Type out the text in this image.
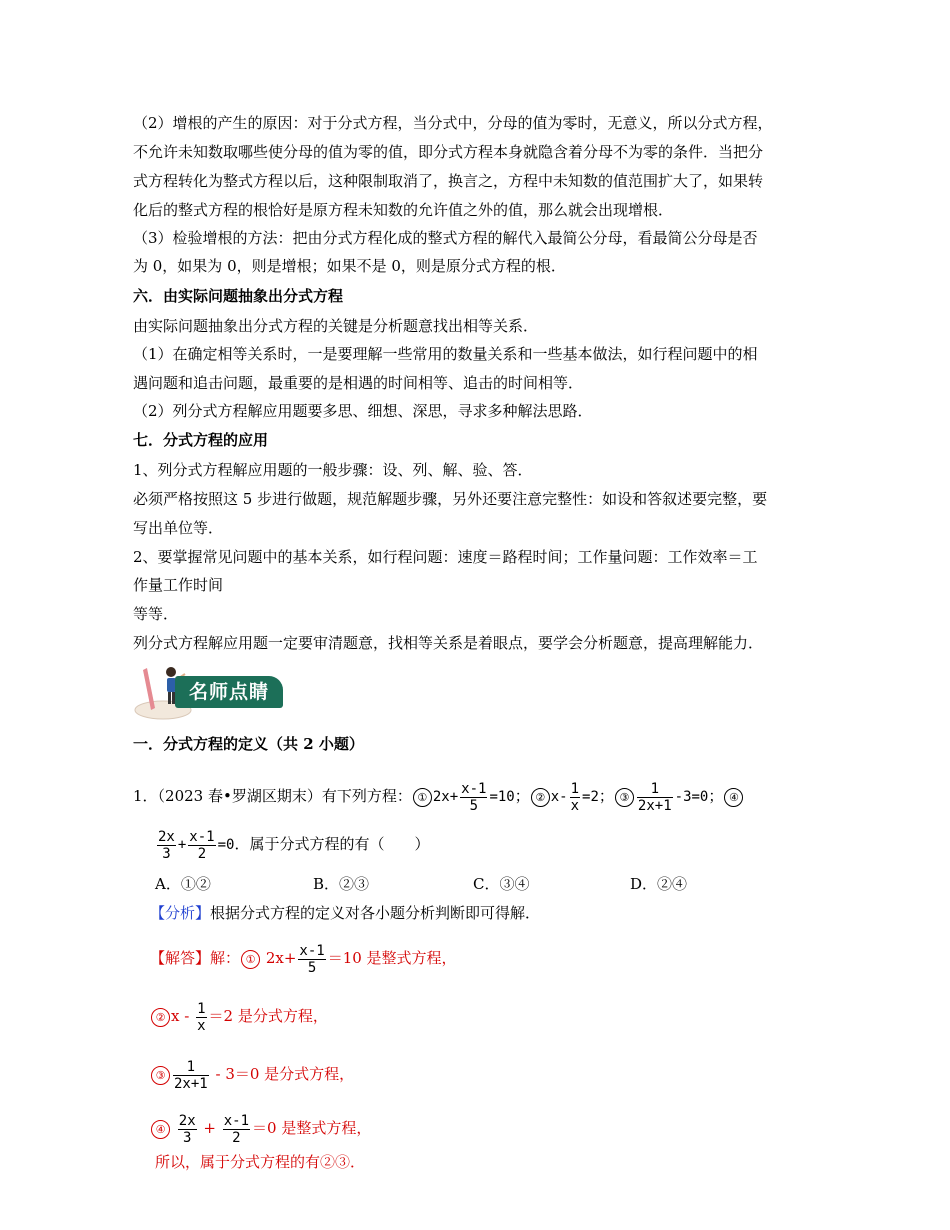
（2）增根的产生的原因：对于分式方程，当分式中，分母的值为零时，无意义，所以分式方程，
不允许未知数取哪些使分母的值为零的值，即分式方程本身就隐含着分母不为零的条件．当把分
式方程转化为整式方程以后，这种限制取消了，换言之，方程中未知数的值范围扩大了，如果转
化后的整式方程的根恰好是原方程未知数的允许值之外的值，那么就会出现增根．
（3）检验增根的方法：把由分式方程化成的整式方程的解代入最简公分母，看最简公分母是否
为 0，如果为 0，则是增根；如果不是 0，则是原分式方程的根．
六．由实际问题抽象出分式方程
由实际问题抽象出分式方程的关键是分析题意找出相等关系．
（1）在确定相等关系时，一是要理解一些常用的数量关系和一些基本做法，如行程问题中的相
遇问题和追击问题，最重要的是相遇的时间相等、追击的时间相等．
（2）列分式方程解应用题要多思、细想、深思，寻求多种解法思路．
七．分式方程的应用
1、列分式方程解应用题的一般步骤：设、列、解、验、答．
必须严格按照这 5 步进行做题，规范解题步骤，另外还要注意完整性：如设和答叙述要完整，要
写出单位等．
2、要掌握常见问题中的基本关系，如行程问题：速度＝路程时间；工作量问题：工作效率＝工
作量工作时间
等等．
列分式方程解应用题一定要审清题意，找相等关系是着眼点，要学会分析题意，提高理解能力．
名师点睛
一．分式方程的定义（共 2 小题）
1．（2023 春•罗湖区期末）有下列方程： ① $2x+ \frac{x-1}{5} =10$； ② $x- \frac{1}{x} =2$； ③ $\frac{1}{2x+1} -3=0$； ④
$\frac{2x}{3} + \frac{x-1}{2} =0$．属于分式方程的有（　　）
A．①②	B．②③	C．③④	D．②④
【分析】根据分式方程的定义对各小题分析判断即可得解．
【解答】解： ① $2x+ \frac{x-1}{5} =10$ 是整式方程，
② $x - \frac{1}{x} =2$ 是分式方程，
③ $\frac{1}{2x+1} - 3=0$ 是分式方程，
④ $\frac{2x}{3} + \frac{x-1}{2} =0$ 是整式方程，
所以，属于分式方程的有②③．
